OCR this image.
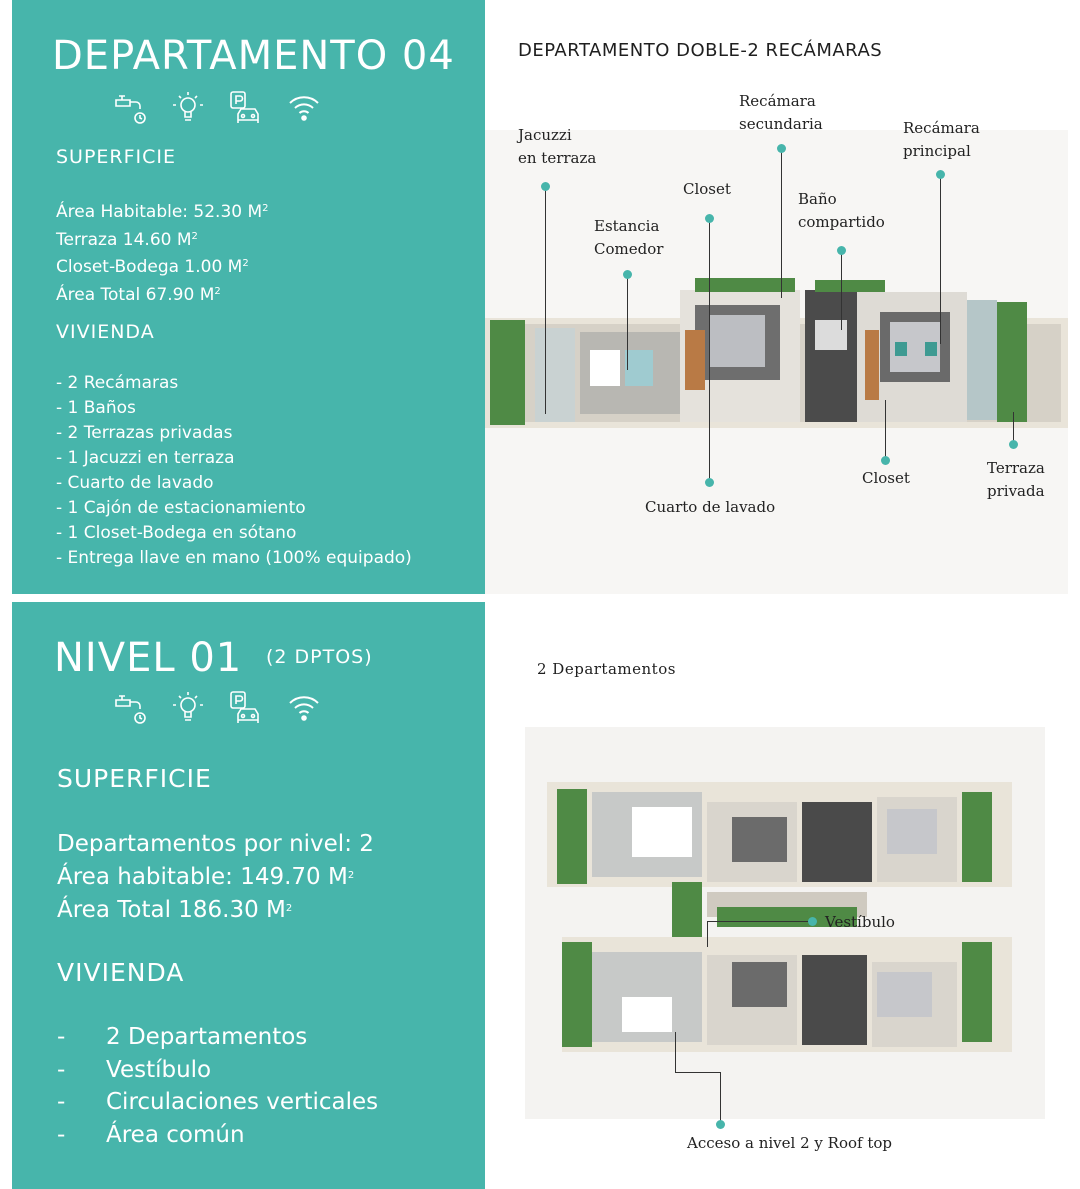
DEPARTAMENTO 04
SUPERFICIE
Área Habitable: 52.30 $M^2$
Terraza 14.60 $M^2$
Closet-Bodega 1.00 $M^2$
Área Total 67.90 $M^2$
VIVIENDA
- 2 Recámaras
- 1 Baños
- 2 Terrazas privadas
- 1 Jacuzzi en terraza
- Cuarto de lavado
- 1 Cajón de estacionamiento
- 1 Closet-Bodega en sótano
- Entrega llave en mano (100% equipado)
DEPARTAMENTO DOBLE-2 RECÁMARAS
Jacuzzi
en terraza
Estancia
Comedor
Closet
Recámara
secundaria
Baño
compartido
Recámara
principal
Cuarto de lavado
Closet
Terraza
privada
NIVEL 01 $^{(2 DPTOS)}$
SUPERFICIE
Departamentos por nivel: 2
Área habitable: 149.70 $M^2$
Área Total 186.30 $M^2$
VIVIENDA
-	2 Departamentos
-	Vestíbulo
-	Circulaciones verticales
-	Área común
2 Departamentos
Vestíbulo
Acceso a nivel 2 y Roof top
